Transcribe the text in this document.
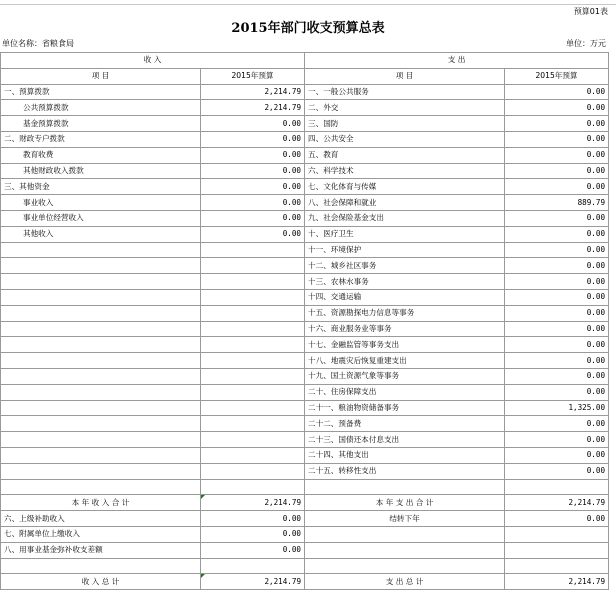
预算01表
2015年部门收支预算总表
单位名称：省粮食局	单位：万元
收 入		支 出	
项 目	2015年预算	项 目	2015年预算
一、预算拨款	2,214.79	一、一般公共服务	0.00
公共预算拨款	2,214.79	二、外交	0.00
基金预算拨款	0.00	三、国防	0.00
二、财政专户拨款	0.00	四、公共安全	0.00
教育收费	0.00	五、教育	0.00
其他财政收入拨款	0.00	六、科学技术	0.00
三、其他资金	0.00	七、文化体育与传媒	0.00
事业收入	0.00	八、社会保障和就业	889.79
事业单位经营收入	0.00	九、社会保险基金支出	0.00
其他收入	0.00	十、医疗卫生	0.00
		十一、环境保护	0.00
		十二、城乡社区事务	0.00
		十三、农林水事务	0.00
		十四、交通运输	0.00
		十五、资源勘探电力信息等事务	0.00
		十六、商业服务业等事务	0.00
		十七、金融监管等事务支出	0.00
		十八、地震灾后恢复重建支出	0.00
		十九、国土资源气象等事务	0.00
		二十、住房保障支出	0.00
		二十一、粮油物资储备事务	1,325.00
		二十二、预备费	0.00
		二十三、国债还本付息支出	0.00
		二十四、其他支出	0.00
		二十五、转移性支出	0.00

本 年 收 入 合 计	2,214.79	本 年 支 出 合 计	2,214.79
六、上级补助收入	0.00	结转下年	0.00
七、附属单位上缴收入	0.00		
八、用事业基金弥补收支差额	0.00		

收 入 总 计	2,214.79	支 出 总 计	2,214.79
